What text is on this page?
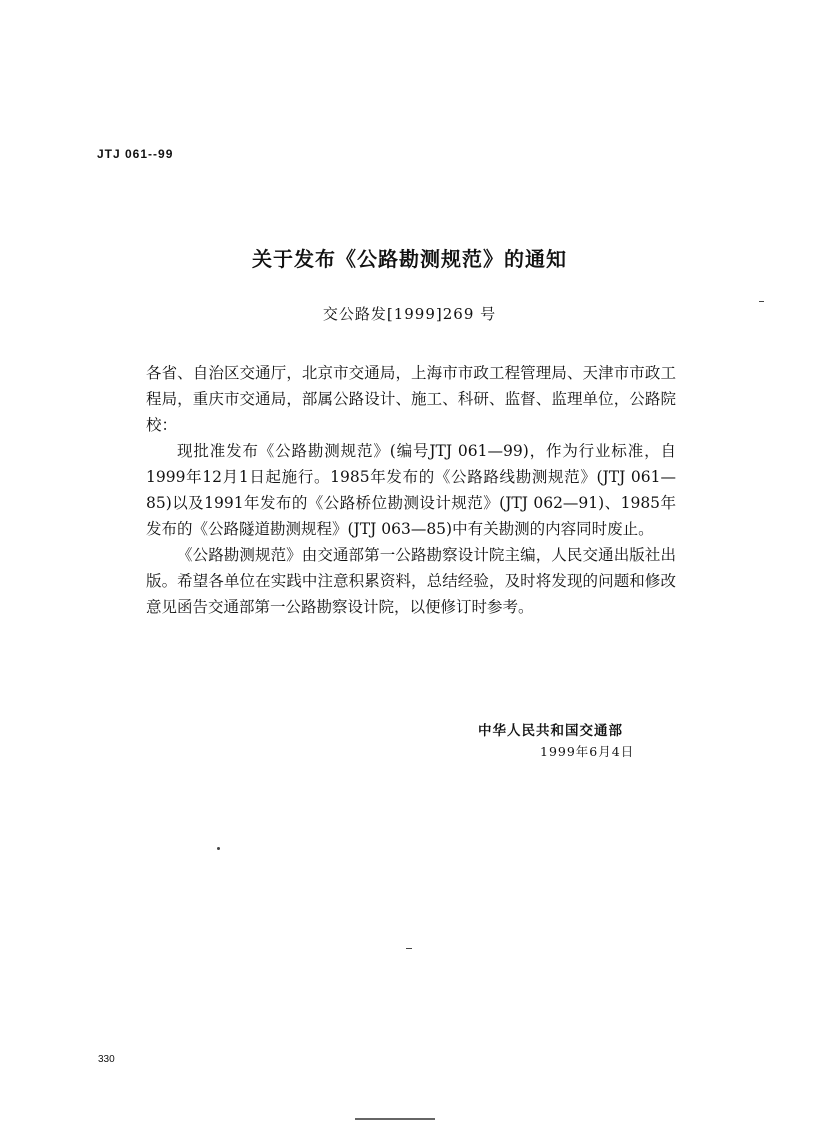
JTJ 061--99
关于发布《公路勘测规范》的通知
交公路发[1999]269 号

各省、自治区交通厅，北京市交通局，上海市市政工程管理局、天津市市政工程局，重庆市交通局，部属公路设计、施工、科研、监督、监理单位，公路院校：

现批准发布《公路勘测规范》(编号JTJ 061—99)，作为行业标准，自1999年12月1日起施行。1985年发布的《公路路线勘测规范》(JTJ 061—85)以及1991年发布的《公路桥位勘测设计规范》(JTJ 062—91)、1985年发布的《公路隧道勘测规程》(JTJ 063—85)中有关勘测的内容同时废止。

《公路勘测规范》由交通部第一公路勘察设计院主编，人民交通出版社出版。希望各单位在实践中注意积累资料，总结经验，及时将发现的问题和修改意见函告交通部第一公路勘察设计院，以便修订时参考。

中华人民共和国交通部
1999年6月4日
330
